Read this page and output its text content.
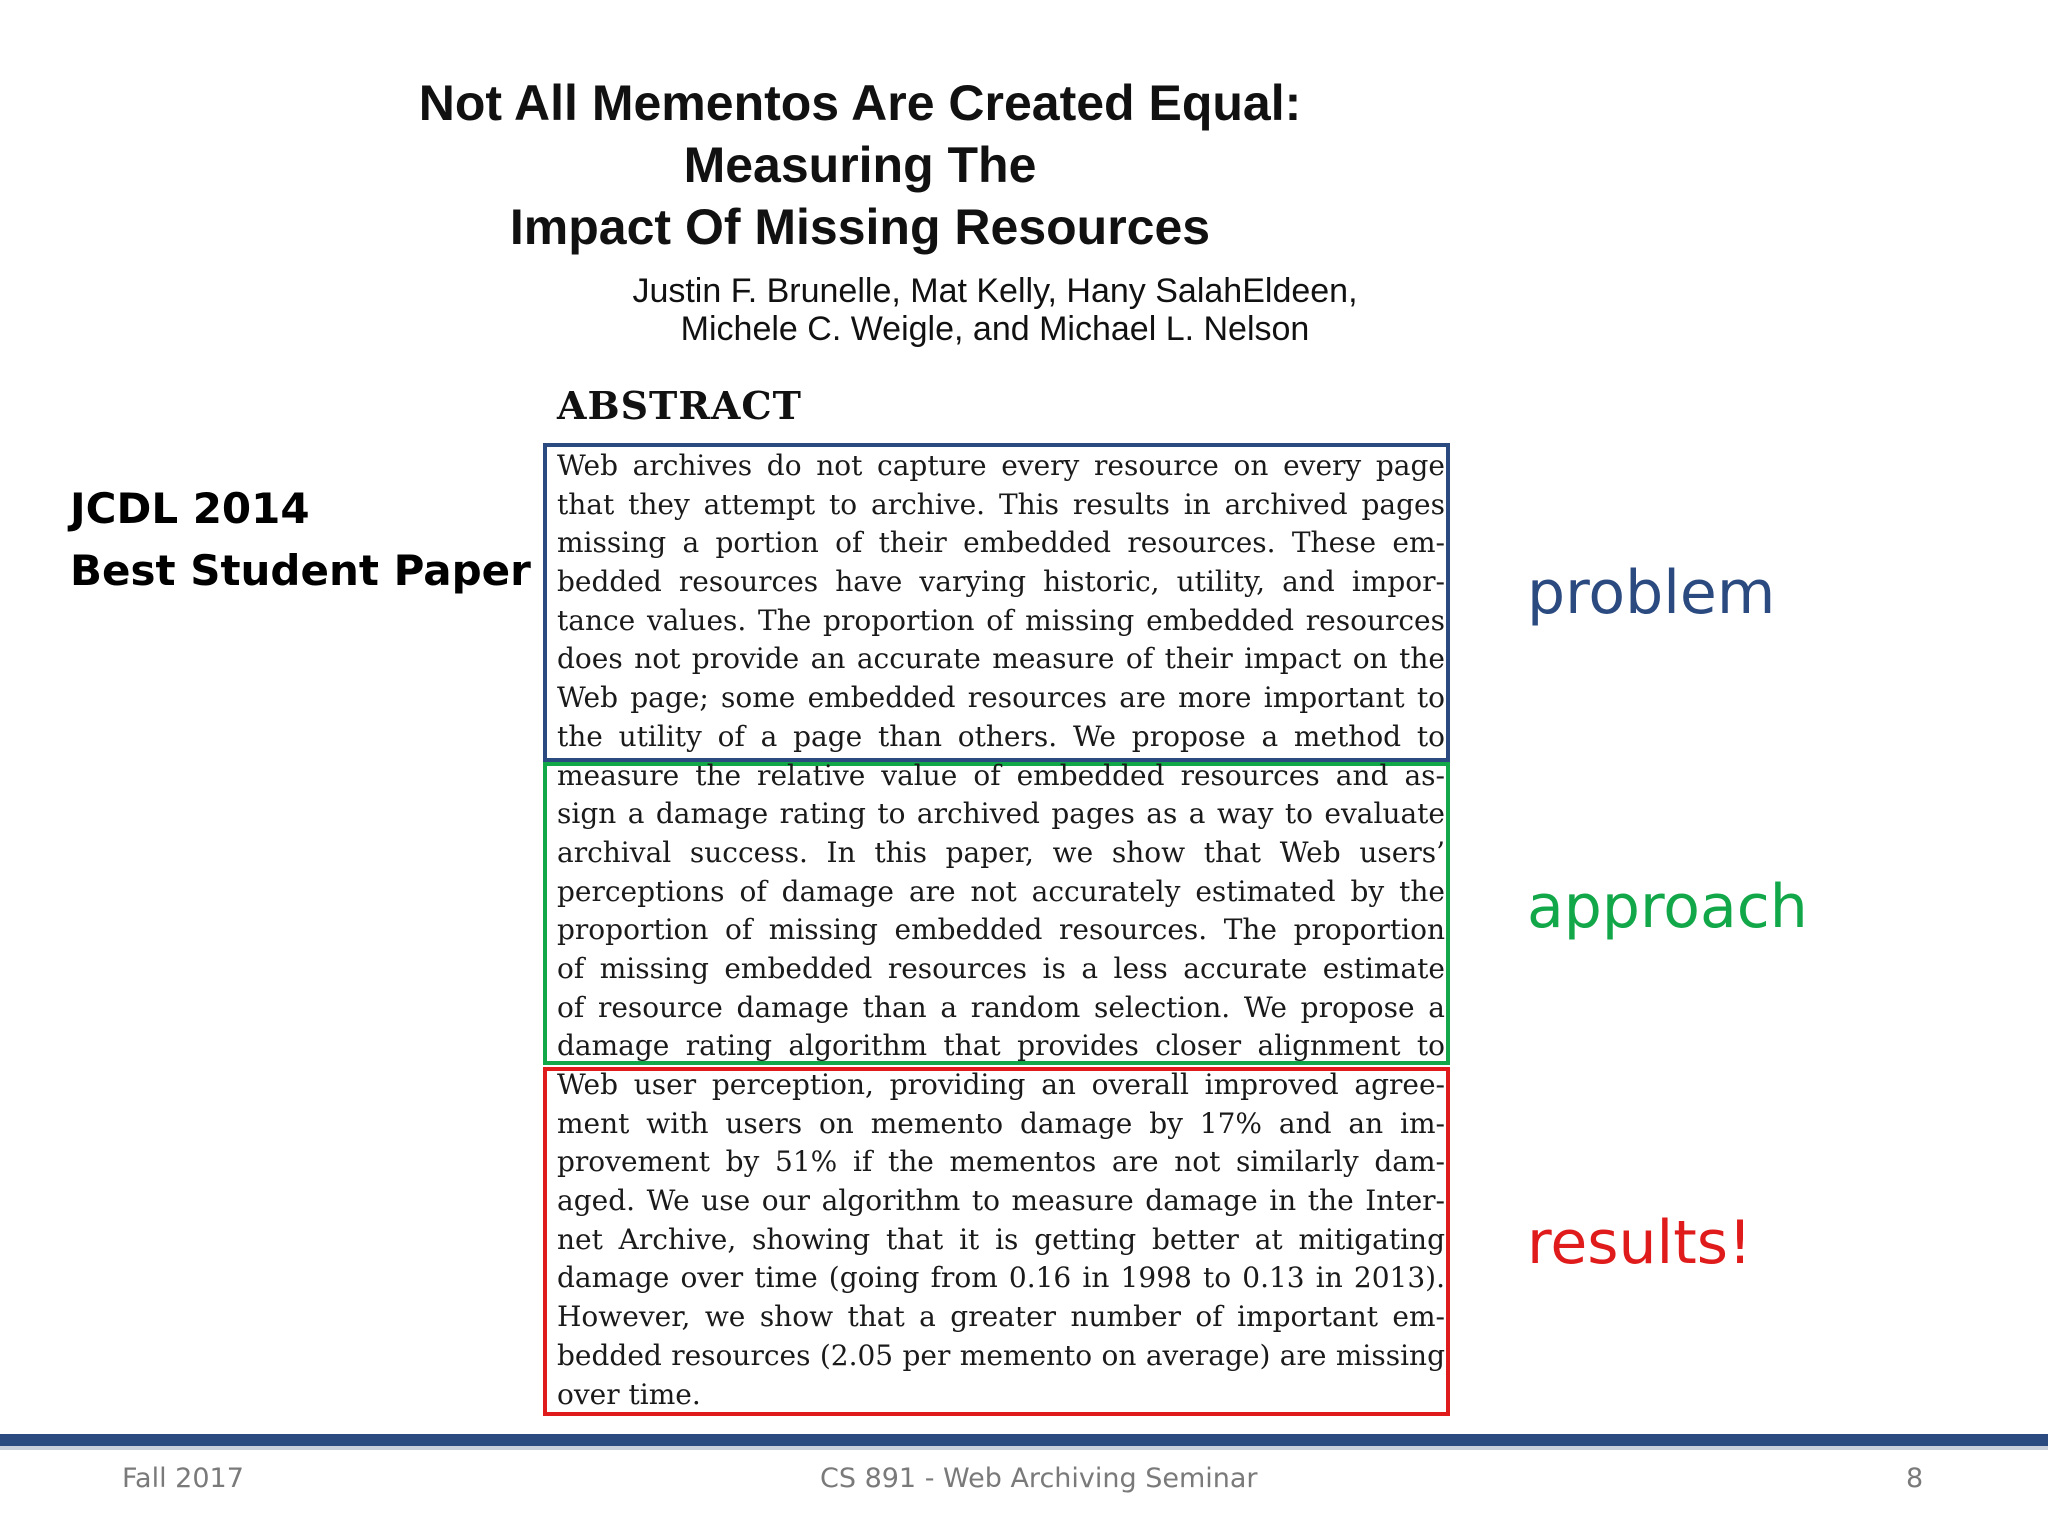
Not All Mementos Are Created Equal: Measuring The
Impact Of Missing Resources
Justin F. Brunelle, Mat Kelly, Hany SalahEldeen,
Michele C. Weigle, and Michael L. Nelson
ABSTRACT
JCDL 2014
Best Student Paper
Web archives do not capture every resource on every page
that they attempt to archive. This results in archived pages
missing a portion of their embedded resources. These em-
bedded resources have varying historic, utility, and impor-
tance values. The proportion of missing embedded resources
does not provide an accurate measure of their impact on the
Web page; some embedded resources are more important to
the utility of a page than others. We propose a method to
measure the relative value of embedded resources and as-
sign a damage rating to archived pages as a way to evaluate
archival success. In this paper, we show that Web users’
perceptions of damage are not accurately estimated by the
proportion of missing embedded resources. The proportion
of missing embedded resources is a less accurate estimate
of resource damage than a random selection. We propose a
damage rating algorithm that provides closer alignment to
Web user perception, providing an overall improved agree-
ment with users on memento damage by 17% and an im-
provement by 51% if the mementos are not similarly dam-
aged. We use our algorithm to measure damage in the Inter-
net Archive, showing that it is getting better at mitigating
damage over time (going from 0.16 in 1998 to 0.13 in 2013).
However, we show that a greater number of important em-
bedded resources (2.05 per memento on average) are missing
over time.
problem
approach
results!
Fall 2017	CS 891 - Web Archiving Seminar	8
